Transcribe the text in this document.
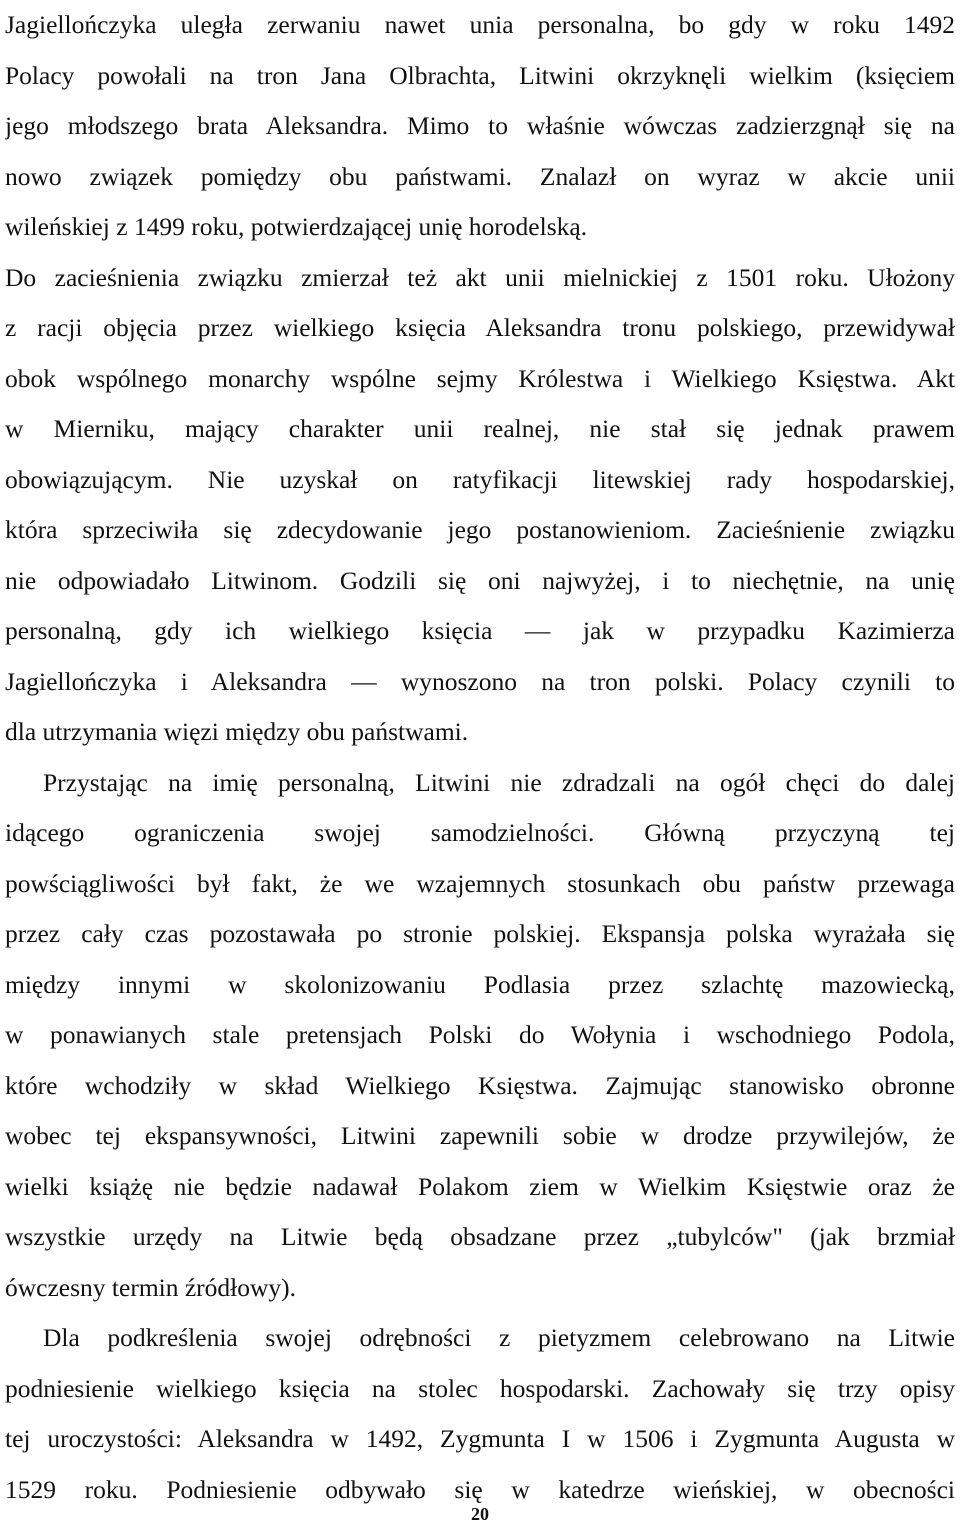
Jagiellończyka uległa zerwaniu nawet unia personalna, bo gdy w roku 1492
Polacy powołali na tron Jana Olbrachta, Litwini okrzyknęli wielkim (księciem
jego młodszego brata Aleksandra. Mimo to właśnie wówczas zadzierzgnął się na
nowo związek pomiędzy obu państwami. Znalazł on wyraz w akcie unii
wileńskiej z 1499 roku, potwierdzającej unię horodelską.
Do zacieśnienia związku zmierzał też akt unii mielnickiej z 1501 roku. Ułożony
z racji objęcia przez wielkiego księcia Aleksandra tronu polskiego, przewidywał
obok wspólnego monarchy wspólne sejmy Królestwa i Wielkiego Księstwa. Akt
w Mierniku, mający charakter unii realnej, nie stał się jednak prawem
obowiązującym. Nie uzyskał on ratyfikacji litewskiej rady hospodarskiej,
która sprzeciwiła się zdecydowanie jego postanowieniom. Zacieśnienie związku
nie odpowiadało Litwinom. Godzili się oni najwyżej, i to niechętnie, na unię
personalną, gdy ich wielkiego księcia — jak w przypadku Kazimierza
Jagiellończyka i Aleksandra — wynoszono na tron polski. Polacy czynili to
dla utrzymania więzi między obu państwami.
Przystając na imię personalną, Litwini nie zdradzali na ogół chęci do dalej
idącego ograniczenia swojej samodzielności. Główną przyczyną tej
powściągliwości był fakt, że we wzajemnych stosunkach obu państw przewaga
przez cały czas pozostawała po stronie polskiej. Ekspansja polska wyrażała się
między innymi w skolonizowaniu Podlasia przez szlachtę mazowiecką,
w ponawianych stale pretensjach Polski do Wołynia i wschodniego Podola,
które wchodziły w skład Wielkiego Księstwa. Zajmując stanowisko obronne
wobec tej ekspansywności, Litwini zapewnili sobie w drodze przywilejów, że
wielki książę nie będzie nadawał Polakom ziem w Wielkim Księstwie oraz że
wszystkie urzędy na Litwie będą obsadzane przez „tubylców" (jak brzmiał
ówczesny termin źródłowy).
Dla podkreślenia swojej odrębności z pietyzmem celebrowano na Litwie
podniesienie wielkiego księcia na stolec hospodarski. Zachowały się trzy opisy
tej uroczystości: Aleksandra w 1492, Zygmunta I w 1506 i Zygmunta Augusta w
1529 roku. Podniesienie odbywało się w katedrze wieńskiej, w obecności
20
